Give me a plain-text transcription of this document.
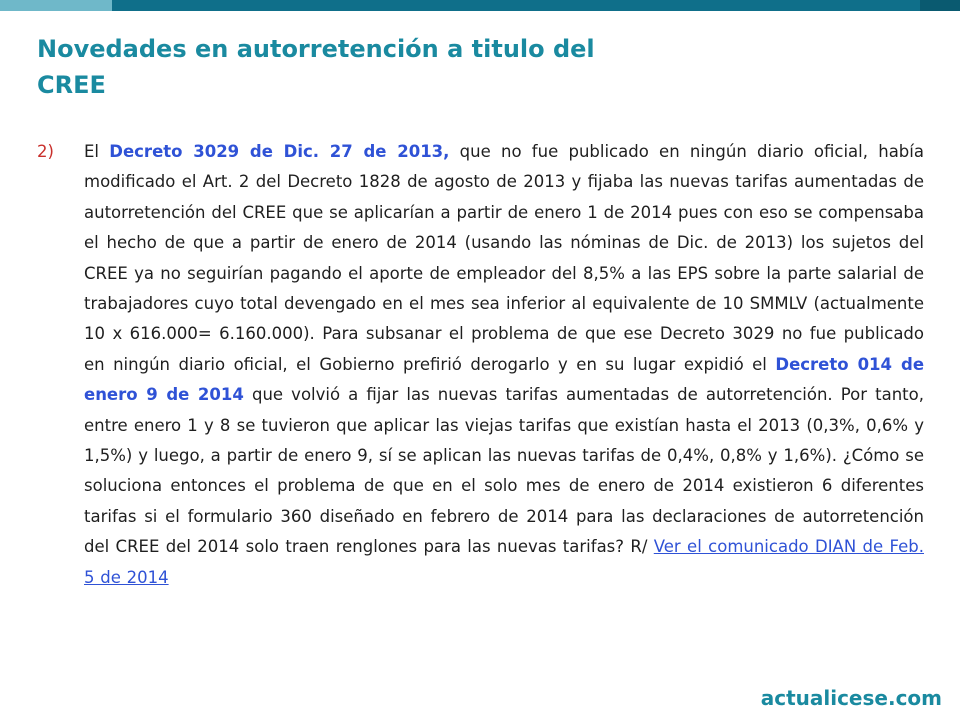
Novedades en autorretención a titulo del CREE
2) El Decreto 3029 de Dic. 27 de 2013, que no fue publicado en ningún diario oficial, había modificado el Art. 2 del Decreto 1828 de agosto de 2013 y fijaba las nuevas tarifas aumentadas de autorretención del CREE que se aplicarían a partir de enero 1 de 2014 pues con eso se compensaba el hecho de que a partir de enero de 2014 (usando las nóminas de Dic. de 2013) los sujetos del CREE ya no seguirían pagando el aporte de empleador del 8,5% a las EPS sobre la parte salarial de trabajadores cuyo total devengado en el mes sea inferior al equivalente de 10 SMMLV (actualmente 10 x 616.000= 6.160.000). Para subsanar el problema de que ese Decreto 3029 no fue publicado en ningún diario oficial, el Gobierno prefirió derogarlo y en su lugar expidió el Decreto 014 de enero 9 de 2014 que volvió a fijar las nuevas tarifas aumentadas de autorretención. Por tanto, entre enero 1 y 8 se tuvieron que aplicar las viejas tarifas que existían hasta el 2013 (0,3%, 0,6% y 1,5%) y luego, a partir de enero 9, sí se aplican las nuevas tarifas de 0,4%, 0,8% y 1,6%). ¿Cómo se soluciona entonces el problema de que en el solo mes de enero de 2014 existieron 6 diferentes tarifas si el formulario 360 diseñado en febrero de 2014 para las declaraciones de autorretención del CREE del 2014 solo traen renglones para las nuevas tarifas? R/ Ver el comunicado DIAN de Feb. 5 de 2014
actualicese.com
